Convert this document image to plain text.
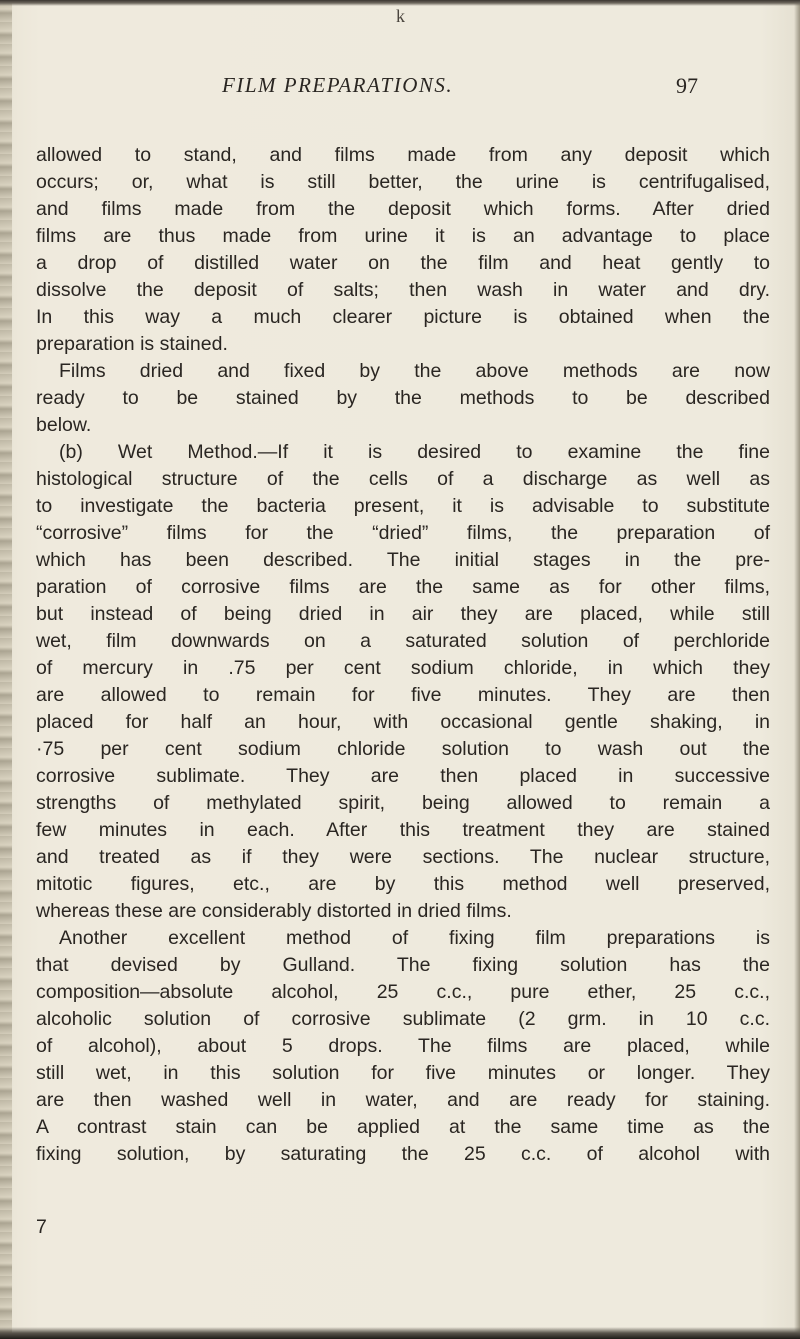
k
FILM PREPARATIONS.	97
allowed to stand, and films made from any deposit which
occurs; or, what is still better, the urine is centrifugalised,
and films made from the deposit which forms. After dried
films are thus made from urine it is an advantage to place
a drop of distilled water on the film and heat gently to
dissolve the deposit of salts; then wash in water and dry.
In this way a much clearer picture is obtained when the
preparation is stained.
Films dried and fixed by the above methods are now
ready to be stained by the methods to be described
below.
(b) Wet Method.—If it is desired to examine the fine
histological structure of the cells of a discharge as well as
to investigate the bacteria present, it is advisable to substitute
“corrosive” films for the “dried” films, the preparation of
which has been described. The initial stages in the pre-
paration of corrosive films are the same as for other films,
but instead of being dried in air they are placed, while still
wet, film downwards on a saturated solution of perchloride
of mercury in .75 per cent sodium chloride, in which they
are allowed to remain for five minutes. They are then
placed for half an hour, with occasional gentle shaking, in
·75 per cent sodium chloride solution to wash out the
corrosive sublimate. They are then placed in successive
strengths of methylated spirit, being allowed to remain a
few minutes in each. After this treatment they are stained
and treated as if they were sections. The nuclear structure,
mitotic figures, etc., are by this method well preserved,
whereas these are considerably distorted in dried films.
Another excellent method of fixing film preparations is
that devised by Gulland. The fixing solution has the
composition—absolute alcohol, 25 c.c., pure ether, 25 c.c.,
alcoholic solution of corrosive sublimate (2 grm. in 10 c.c.
of alcohol), about 5 drops. The films are placed, while
still wet, in this solution for five minutes or longer. They
are then washed well in water, and are ready for staining.
A contrast stain can be applied at the same time as the
fixing solution, by saturating the 25 c.c. of alcohol with
7
